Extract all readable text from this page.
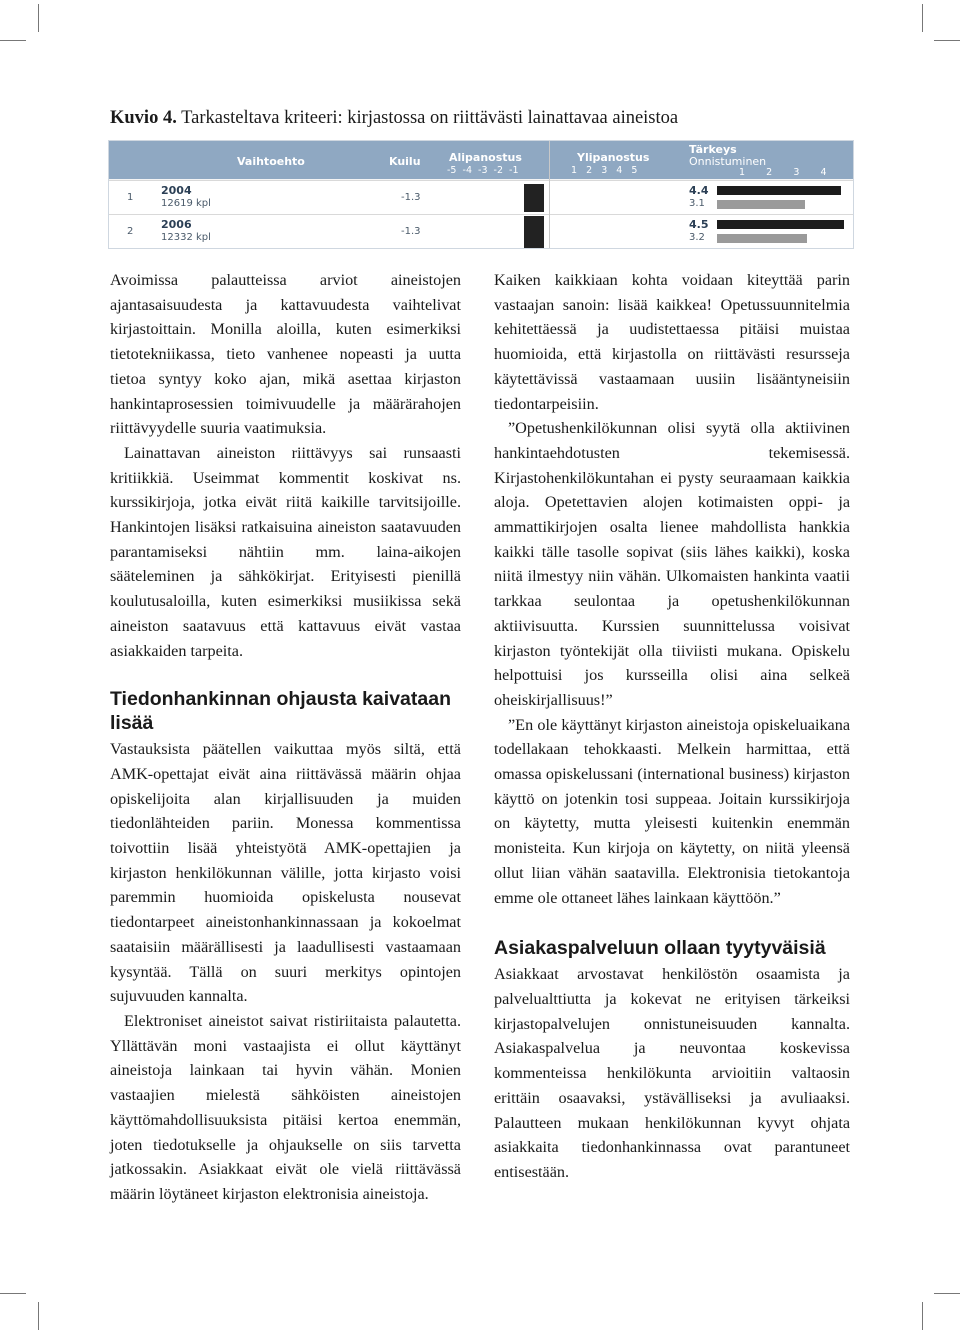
Kuvio 4. Tarkasteltava kriteeri: kirjastossa on riittävästi lainattavaa aineistoa
Vaihtoehto	Kuilu	Alipanostus
-5  -4  -3  -2  -1
Ylipanostus
1   2   3   4   5
Tärkeys
Onnistuminen
1       2       3       4
1
2004
12619 kpl
-1.3
4.4
3.1
2
2006
12332 kpl
-1.3
4.5
3.2

Avoimissa palautteissa arviot aineistojen ajantasaisuudesta ja kattavuudesta vaihtelivat kirjastoittain. Monilla aloilla, kuten esimerkiksi tietotekniikassa, tieto vanhenee nopeasti ja uutta tietoa syntyy koko ajan, mikä asettaa kirjaston hankintaprosessien toimivuudelle ja määrärahojen riittävyydelle suuria vaatimuksia.

Lainattavan aineiston riittävyys sai runsaasti kritiikkiä. Useimmat kommentit koskivat ns. kurssikirjoja, jotka eivät riitä kaikille tarvitsijoille. Hankintojen lisäksi ratkaisuina aineiston saatavuuden parantamiseksi nähtiin mm. laina-aikojen sääteleminen ja sähkökirjat. Erityisesti pienillä koulutusaloilla, kuten esimerkiksi musiikissa sekä aineiston saatavuus että kattavuus eivät vastaa asiakkaiden tarpeita.

Tiedonhankinnan ohjausta kaivataan lisää

Vastauksista päätellen vaikuttaa myös siltä, että AMK-opettajat eivät aina riittävässä määrin ohjaa opiskelijoita alan kirjallisuuden ja muiden tiedonlähteiden pariin. Monessa kommentissa toivottiin lisää yhteistyötä AMK-opettajien ja kirjaston henkilökunnan välille, jotta kirjasto voisi paremmin huomioida opiskelusta nousevat tiedontarpeet aineistonhankinnassaan ja kokoelmat saataisiin määrällisesti ja laadullisesti vastaamaan kysyntää. Tällä on suuri merkitys opintojen sujuvuuden kannalta.

Elektroniset aineistot saivat ristiriitaista palautetta. Yllättävän moni vastaajista ei ollut käyttänyt aineistoja lainkaan tai hyvin vähän. Monien vastaajien mielestä sähköisten aineistojen käyttömahdollisuuksista pitäisi kertoa enemmän, joten tiedotukselle ja ohjaukselle on siis tarvetta jatkossakin. Asiakkaat eivät ole vielä riittävässä määrin löytäneet kirjaston elektronisia aineistoja.

Kaiken kaikkiaan kohta voidaan kiteyttää parin vastaajan sanoin: lisää kaikkea! Opetussuunnitelmia kehitettäessä ja uudistettaessa pitäisi muistaa huomioida, että kirjastolla on riittävästi resursseja käytettävissä vastaamaan uusiin lisääntyneisiin tiedontarpeisiin.

”Opetushenkilökunnan olisi syytä olla aktiivinen hankintaehdotusten tekemisessä. Kirjastohenkilökuntahan ei pysty seuraamaan kaikkia aloja. Opetettavien alojen kotimaisten oppi- ja ammattikirjojen osalta lienee mahdollista hankkia kaikki tälle tasolle sopivat (siis lähes kaikki), koska niitä ilmestyy niin vähän. Ulkomaisten hankinta vaatii tarkkaa seulontaa ja opetushenkilökunnan aktiivisuutta. Kurssien suunnittelussa voisivat kirjaston työntekijät olla tiiviisti mukana. Opiskelu helpottuisi jos kursseilla olisi aina selkeä oheiskirjallisuus!”

”En ole käyttänyt kirjaston aineistoja opiskeluaikana todellakaan tehokkaasti. Melkein harmittaa, että omassa opiskelussani (international business) kirjaston käyttö on jotenkin tosi suppeaa. Joitain kurssikirjoja on käytetty, mutta yleisesti kuitenkin enemmän monisteita. Kun kirjoja on käytetty, on niitä yleensä ollut liian vähän saatavilla. Elektronisia tietokantoja emme ole ottaneet lähes lainkaan käyttöön.”

Asiakaspalveluun ollaan tyytyväisiä

Asiakkaat arvostavat henkilöstön osaamista ja palvelualttiutta ja kokevat ne erityisen tärkeiksi kirjastopalvelujen onnistuneisuuden kannalta. Asiakaspalvelua ja neuvontaa koskevissa kommenteissa henkilökunta arvioitiin valtaosin erittäin osaavaksi, ystävälliseksi ja avuliaaksi. Palautteen mukaan henkilökunnan kyvyt ohjata asiakkaita tiedonhankinnassa ovat parantuneet entisestään.
